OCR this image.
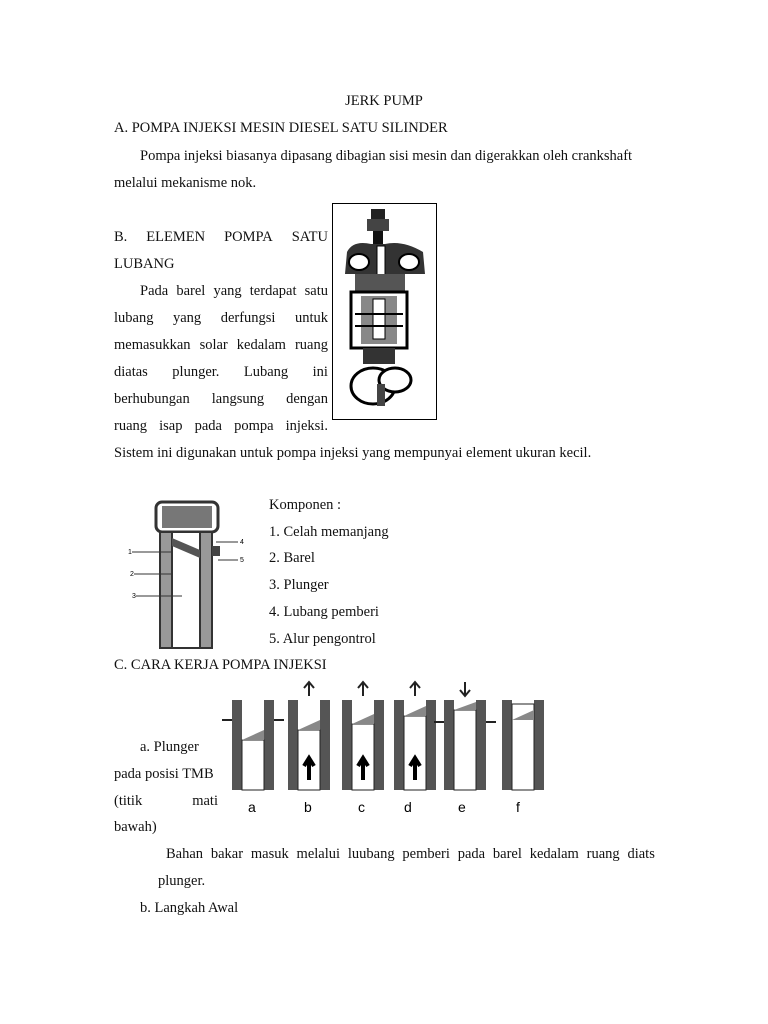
JERK PUMP
A. POMPA INJEKSI MESIN DIESEL SATU SILINDER
Pompa injeksi biasanya dipasang dibagian sisi mesin dan digerakkan oleh crankshaft
melalui mekanisme nok.
B. ELEMEN POMPA SATU
LUBANG
Pada barel yang terdapat satu
lubang yang derfungsi untuk
memasukkan solar kedalam ruang
diatas plunger. Lubang ini
berhubungan langsung dengan
ruang isap pada pompa injeksi.
Sistem ini digunakan untuk pompa injeksi yang mempunyai element ukuran kecil.
1
2
3
4
5
Komponen :
1. Celah memanjang
2. Barel
3. Plunger
4. Lubang pemberi
5. Alur pengontrol
C. CARA KERJA POMPA INJEKSI
a	b	c	d	e	f
a. Plunger
pada posisi TMB
(titik	mati
bawah)
Bahan bakar masuk melalui luubang pemberi pada barel kedalam ruang diats
plunger.
b. Langkah Awal
